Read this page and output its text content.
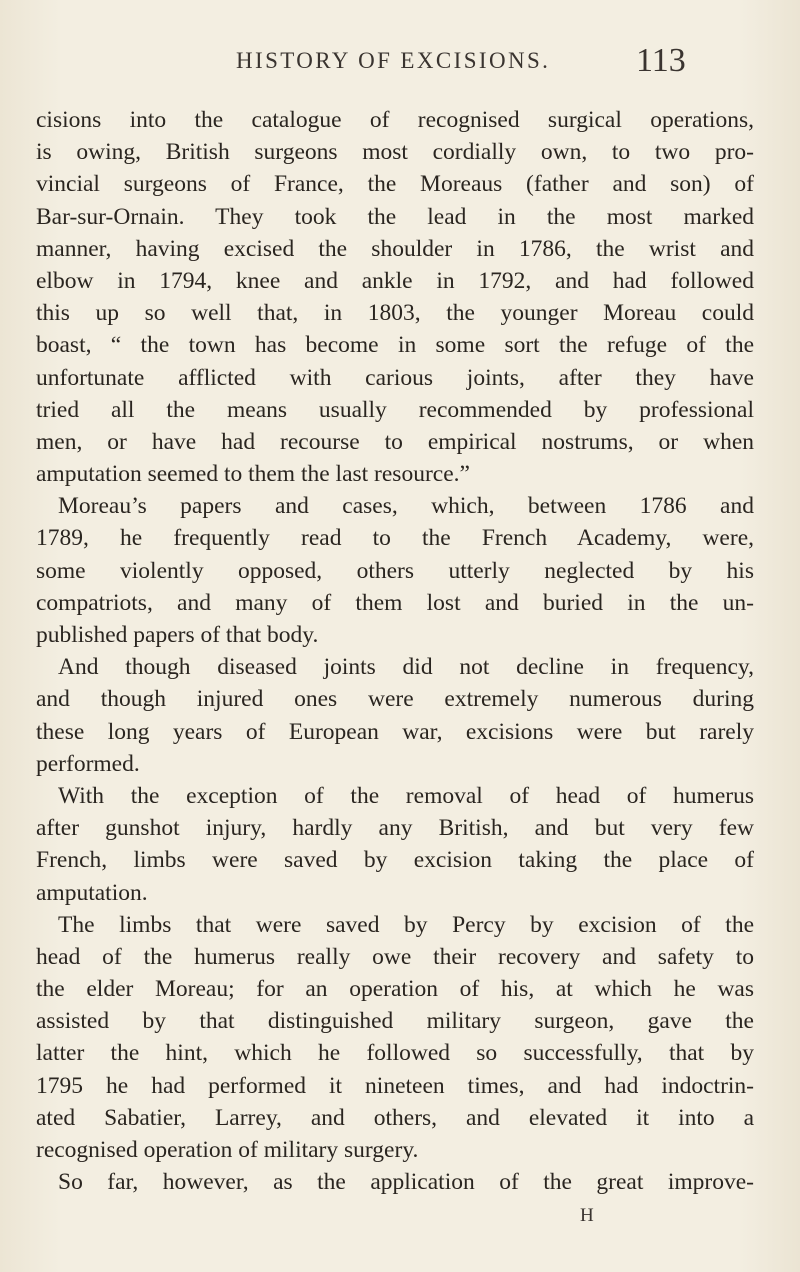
HISTORY OF EXCISIONS.	113
cisions into the catalogue of recognised surgical operations,
is owing, British surgeons most cordially own, to two pro-
vincial surgeons of France, the Moreaus (father and son) of
Bar-sur-Ornain. They took the lead in the most marked
manner, having excised the shoulder in 1786, the wrist and
elbow in 1794, knee and ankle in 1792, and had followed
this up so well that, in 1803, the younger Moreau could
boast, “ the town has become in some sort the refuge of the
unfortunate afflicted with carious joints, after they have
tried all the means usually recommended by professional
men, or have had recourse to empirical nostrums, or when
amputation seemed to them the last resource.”
Moreau’s papers and cases, which, between 1786 and
1789, he frequently read to the French Academy, were,
some violently opposed, others utterly neglected by his
compatriots, and many of them lost and buried in the un-
published papers of that body.
And though diseased joints did not decline in frequency,
and though injured ones were extremely numerous during
these long years of European war, excisions were but rarely
performed.
With the exception of the removal of head of humerus
after gunshot injury, hardly any British, and but very few
French, limbs were saved by excision taking the place of
amputation.
The limbs that were saved by Percy by excision of the
head of the humerus really owe their recovery and safety to
the elder Moreau; for an operation of his, at which he was
assisted by that distinguished military surgeon, gave the
latter the hint, which he followed so successfully, that by
1795 he had performed it nineteen times, and had indoctrin-
ated Sabatier, Larrey, and others, and elevated it into a
recognised operation of military surgery.
So far, however, as the application of the great improve-
H
